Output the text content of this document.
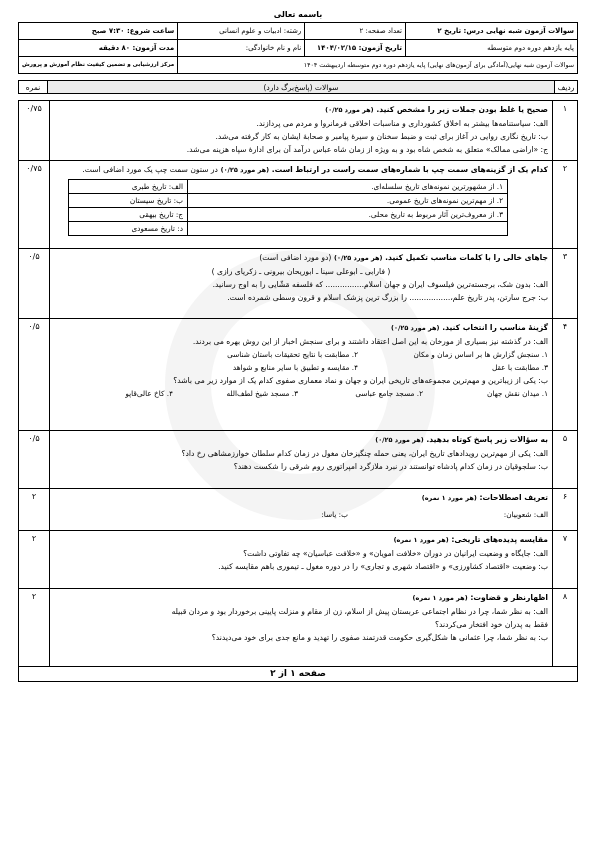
باسمه تعالی
سوالات آزمون شبه نهایی درس: تاریخ ۲	تعداد صفحه: ۲	رشته: ادبیات و علوم انسانی	ساعت شروع: ۷:۳۰ صبح
پایه یازدهم دوره دوم متوسطه	تاریخ آزمون: ۱۴۰۴/۰۲/۱۵	نام و نام خانوادگی:	مدت آزمون: ۸۰ دقیقه
سوالات آزمون شبه نهایی(آمادگی برای آزمون‌های نهایی) پایه یازدهم دوره دوم متوسطه اردیبهشت ۱۴۰۴			مرکز ارزشیابی و تضمین کیفیت نظام آموزش و پرورش
ردیف	سوالات (پاسخ‌برگ دارد)	نمره
۱	
صحیح یا غلط بودن جملات زیر را مشخص کنید. (هر مورد ۰/۲۵)
الف: سیاستنامه‌ها بیشتر به اخلاق کشورداری و مناسبات اخلاقی فرمانروا و مردم می پردازند.
ب: تاریخ نگاری روایی در آغاز برای ثبت و ضبط سخنان و سیرهٔ پیامبر و صحابهٔ ایشان به کار گرفته می‌شد.
ج: «اراضی ممالک» متعلق به شخص شاه بود و به ویژه از زمان شاه عباس درآمد آن برای ادارهٔ سپاه هزینه می‌شد.
	۰/۷۵
۲	
کدام یک از گزینه‌های سمت چپ با شماره‌های سمت راست در ارتباط است. (هر مورد ۰/۲۵) در ستون سمت چپ یک مورد اضافی است.
۱. از مشهورترین نمونه‌های تاریخ سلسله‌ای.	الف: تاریخ طبری
۲. از مهم‌ترین نمونه‌های تاریخ عمومی.	ب: تاریخ سیستان
۳. از معروف‌ترین آثار مربوط به تاریخ محلی.	ج: تاریخ بیهقی
	د: تاریخ مسعودی
	۰/۷۵
۳	
جاهای خالی را با کلمات مناسب تکمیل کنید. (هر مورد ۰/۲۵) (دو مورد اضافی است)
( فارابی ـ ابوعلی سینا ـ ابوریحان بیرونی ـ زکریای رازی )
الف: بدون شک، برجسته‌ترین فیلسوف ایران و جهان اسلام................ که فلسفه مَشّایی را به اوج رسانید.
ب: جرج سارتن، پدر تاریخ علم،................. را بزرگ ترین پزشک اسلام و قرون وسطی شمرده است.
	۰/۵
۴	
گزینهٔ مناسب را انتخاب کنید. (هر مورد ۰/۲۵)
الف: در گذشته نیز بسیاری از مورخان به این اصل اعتقاد داشتند و برای سنجش اخبار از این روش بهره می بردند.
۱. سنجش گزارش ها بر اساس زمان و مکان
۲. مطابقت با نتایج تحقیقات باستان شناسی
۳. مطابقت با عقل
۴. مقایسه و تطبیق با سایر منابع و شواهد
ب: یکی از زیباترین و مهم‌ترین مجموعه‌های تاریخی ایران و جهان و نماد معماری صفوی کدام یک از موارد زیر می باشد؟
۱. میدان نقش جهان
۲. مسجد جامع عباسی
۳. مسجد شیخ لطف‌الله
۴. کاخ عالی‌قاپو
	۰/۵
۵	
به سؤالات زیر پاسخ کوتاه بدهید. (هر مورد ۰/۲۵)
الف: یکی از مهم‌ترین رویدادهای تاریخ ایران، یعنی حمله چنگیزخان مغول در زمان کدام سلطان خوارزمشاهی رخ داد؟
ب: سلجوقیان در زمان کدام پادشاه توانستند در نبرد ملازگرد امپراتوری روم شرقی را شکست دهند؟
	۰/۵
۶	
تعریف اصطلاحات: (هر مورد ۱ نمره)
الف: شعوبیان:
ب: یاسا:
	۲
۷	
مقایسه پدیده‌های تاریخی: (هر مورد ۱ نمره)
الف: جایگاه و وضعیت ایرانیان در دوران «خلافت امویان» و «خلافت عباسیان» چه تفاوتی داشت؟
ب: وضعیت «اقتصاد کشاورزی» و «اقتصاد شهری و تجاری» را در دوره مغول ـ تیموری باهم مقایسه کنید.
	۲
۸	
اظهارنظر و قضاوت: (هر مورد ۱ نمره)
الف: به نظر شما، چرا در نظام اجتماعی عربستان پیش از اسلام، زن از مقام و منزلت پایینی برخوردار بود و مردان قبیله
فقط به پدران خود افتخار می‌کردند؟
ب: به نظر شما، چرا عثمانی ها شکل‌گیری حکومت قدرتمند صفوی را تهدید و مانع جدی برای خود می‌دیدند؟
	۲
صفحه ۱ از ۲
